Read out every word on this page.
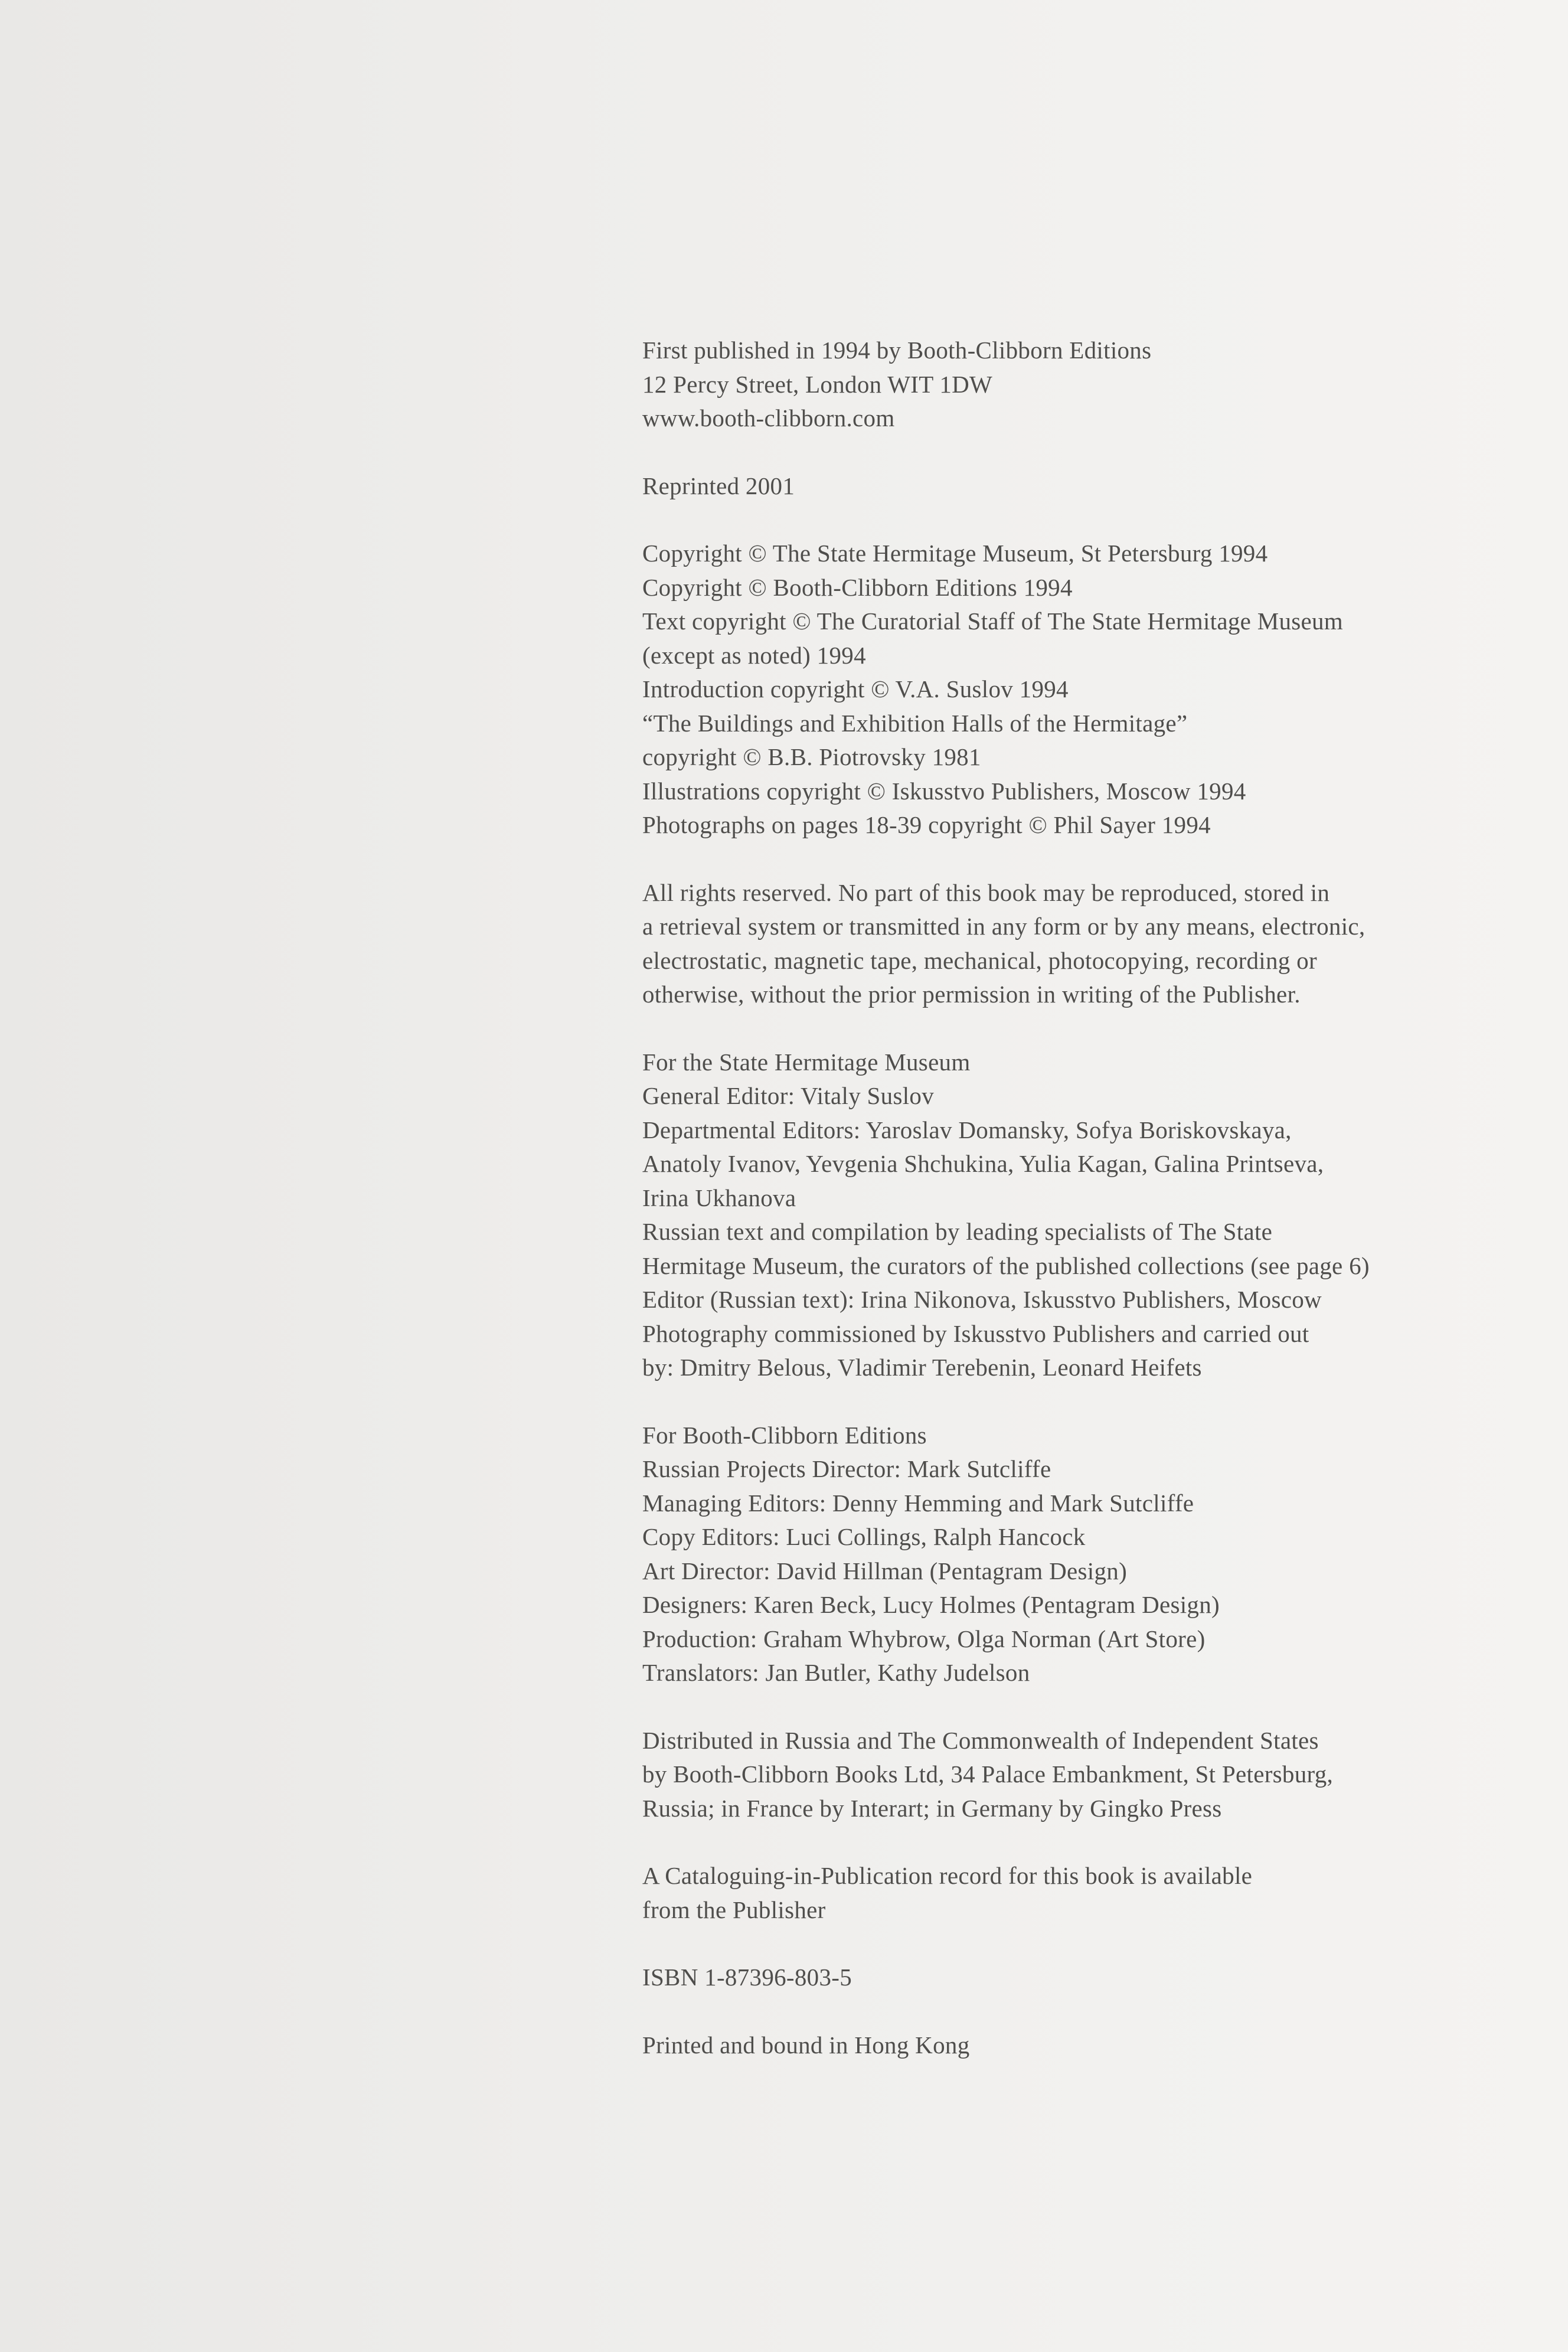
First published in 1994 by Booth-Clibborn Editions
12 Percy Street, London WIT 1DW
www.booth-clibborn.com
Reprinted 2001
Copyright © The State Hermitage Museum, St Petersburg 1994
Copyright © Booth-Clibborn Editions 1994
Text copyright © The Curatorial Staff of The State Hermitage Museum
(except as noted) 1994
Introduction copyright © V.A. Suslov 1994
“The Buildings and Exhibition Halls of the Hermitage”
copyright © B.B. Piotrovsky 1981
Illustrations copyright © Iskusstvo Publishers, Moscow 1994
Photographs on pages 18-39 copyright © Phil Sayer 1994
All rights reserved. No part of this book may be reproduced, stored in
a retrieval system or transmitted in any form or by any means, electronic,
electrostatic, magnetic tape, mechanical, photocopying, recording or
otherwise, without the prior permission in writing of the Publisher.
For the State Hermitage Museum
General Editor: Vitaly Suslov
Departmental Editors: Yaroslav Domansky, Sofya Boriskovskaya,
Anatoly Ivanov, Yevgenia Shchukina, Yulia Kagan, Galina Printseva,
Irina Ukhanova
Russian text and compilation by leading specialists of The State
Hermitage Museum, the curators of the published collections (see page 6)
Editor (Russian text): Irina Nikonova, Iskusstvo Publishers, Moscow
Photography commissioned by Iskusstvo Publishers and carried out
by: Dmitry Belous, Vladimir Terebenin, Leonard Heifets
For Booth-Clibborn Editions
Russian Projects Director: Mark Sutcliffe
Managing Editors: Denny Hemming and Mark Sutcliffe
Copy Editors: Luci Collings, Ralph Hancock
Art Director: David Hillman (Pentagram Design)
Designers: Karen Beck, Lucy Holmes (Pentagram Design)
Production: Graham Whybrow, Olga Norman (Art Store)
Translators: Jan Butler, Kathy Judelson
Distributed in Russia and The Commonwealth of Independent States
by Booth-Clibborn Books Ltd, 34 Palace Embankment, St Petersburg,
Russia; in France by Interart; in Germany by Gingko Press
A Cataloguing-in-Publication record for this book is available
from the Publisher
ISBN 1-87396-803-5
Printed and bound in Hong Kong
